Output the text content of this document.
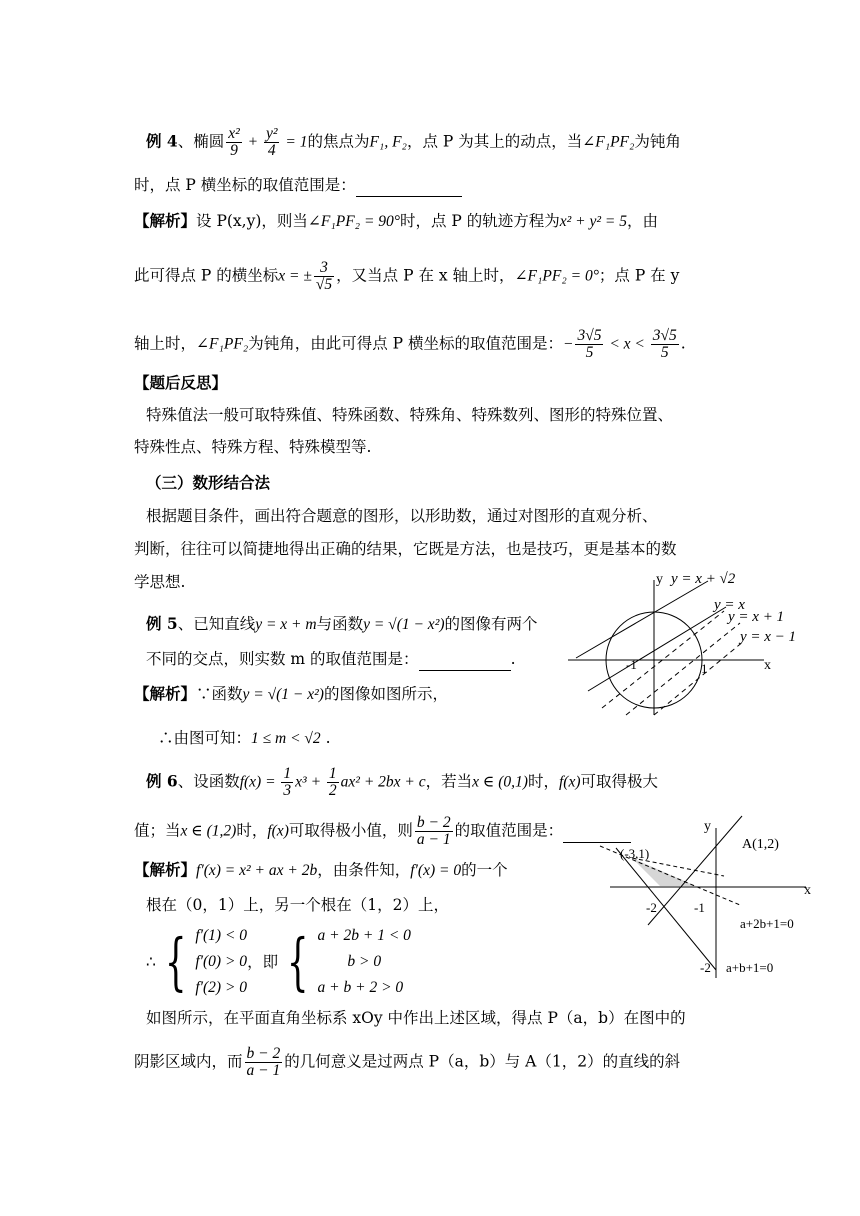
例 4、椭圆 $\frac{\text{x²}}{9} + \frac{\text{y²}}{4} = 1$的焦点为F₁, F₂，点 P 为其上的动点，当∠F₁PF₂为钝角
时，点 P 横坐标的取值范围是：
【解析】设 P(x,y)，则当∠F₁PF₂ = 90°时，点 P 的轨迹方程为x² + y² = 5，由
此可得点 P 的横坐标x = ± $\frac{3}{√5}$ ，又当点 P 在 x 轴上时，∠F₁PF₂ = 0°；点 P 在 y
轴上时，∠F₁PF₂为钝角，由此可得点 P 横坐标的取值范围是：− $\frac{3√5}{5} < x < \frac{3√5}{5}$ .
【题后反思】
特殊值法一般可取特殊值、特殊函数、特殊角、特殊数列、图形的特殊位置、
特殊性点、特殊方程、特殊模型等.
（三）数形结合法
根据题目条件，画出符合题意的图形，以形助数，通过对图形的直观分析、
判断，往往可以简捷地得出正确的结果，它既是方法，也是技巧，更是基本的数
学思想.
例 5、已知直线y = x + m与函数y = √(1 − x²)的图像有两个
不同的交点，则实数 m 的取值范围是：	.
【解析】∵函数y = √(1 − x²)的图像如图所示，
∴由图可知：1 ≤ m < √2 .
y y = x + √2
y = x
y = x + 1
y = x − 1
x
-1	1
例 6、设函数$f(x) = \frac{1}{3} x^3 + \frac{1}{2} ax^2 + 2bx + c$，若当x ∈ (0,1)时，f(x)可取得极大
值；当x ∈ (1,2)时，f(x)可取得极小值，则 $\frac{b - 2}{a - 1}$ 的取值范围是：
【解析】f′(x) = x² + ax + 2b，由条件知，f′(x) = 0的一个
根在（0，1）上，另一个根在（1，2）上，
∴ { f′(1) < 0
f′(0) > 0
f′(2) > 0
，即 { a + 2b + 1 < 0
b > 0
a + b + 2 > 0
如图所示，在平面直角坐标系 xOy 中作出上述区域，得点 P（a，b）在图中的
阴影区域内，而 $\frac{b - 2}{a - 1}$ 的几何意义是过两点 P（a，b）与 A（1，2）的直线的斜
y
x
A(1,2)
(-3,1)
-2	-1
-2
a+2b+1=0
a+b+1=0
